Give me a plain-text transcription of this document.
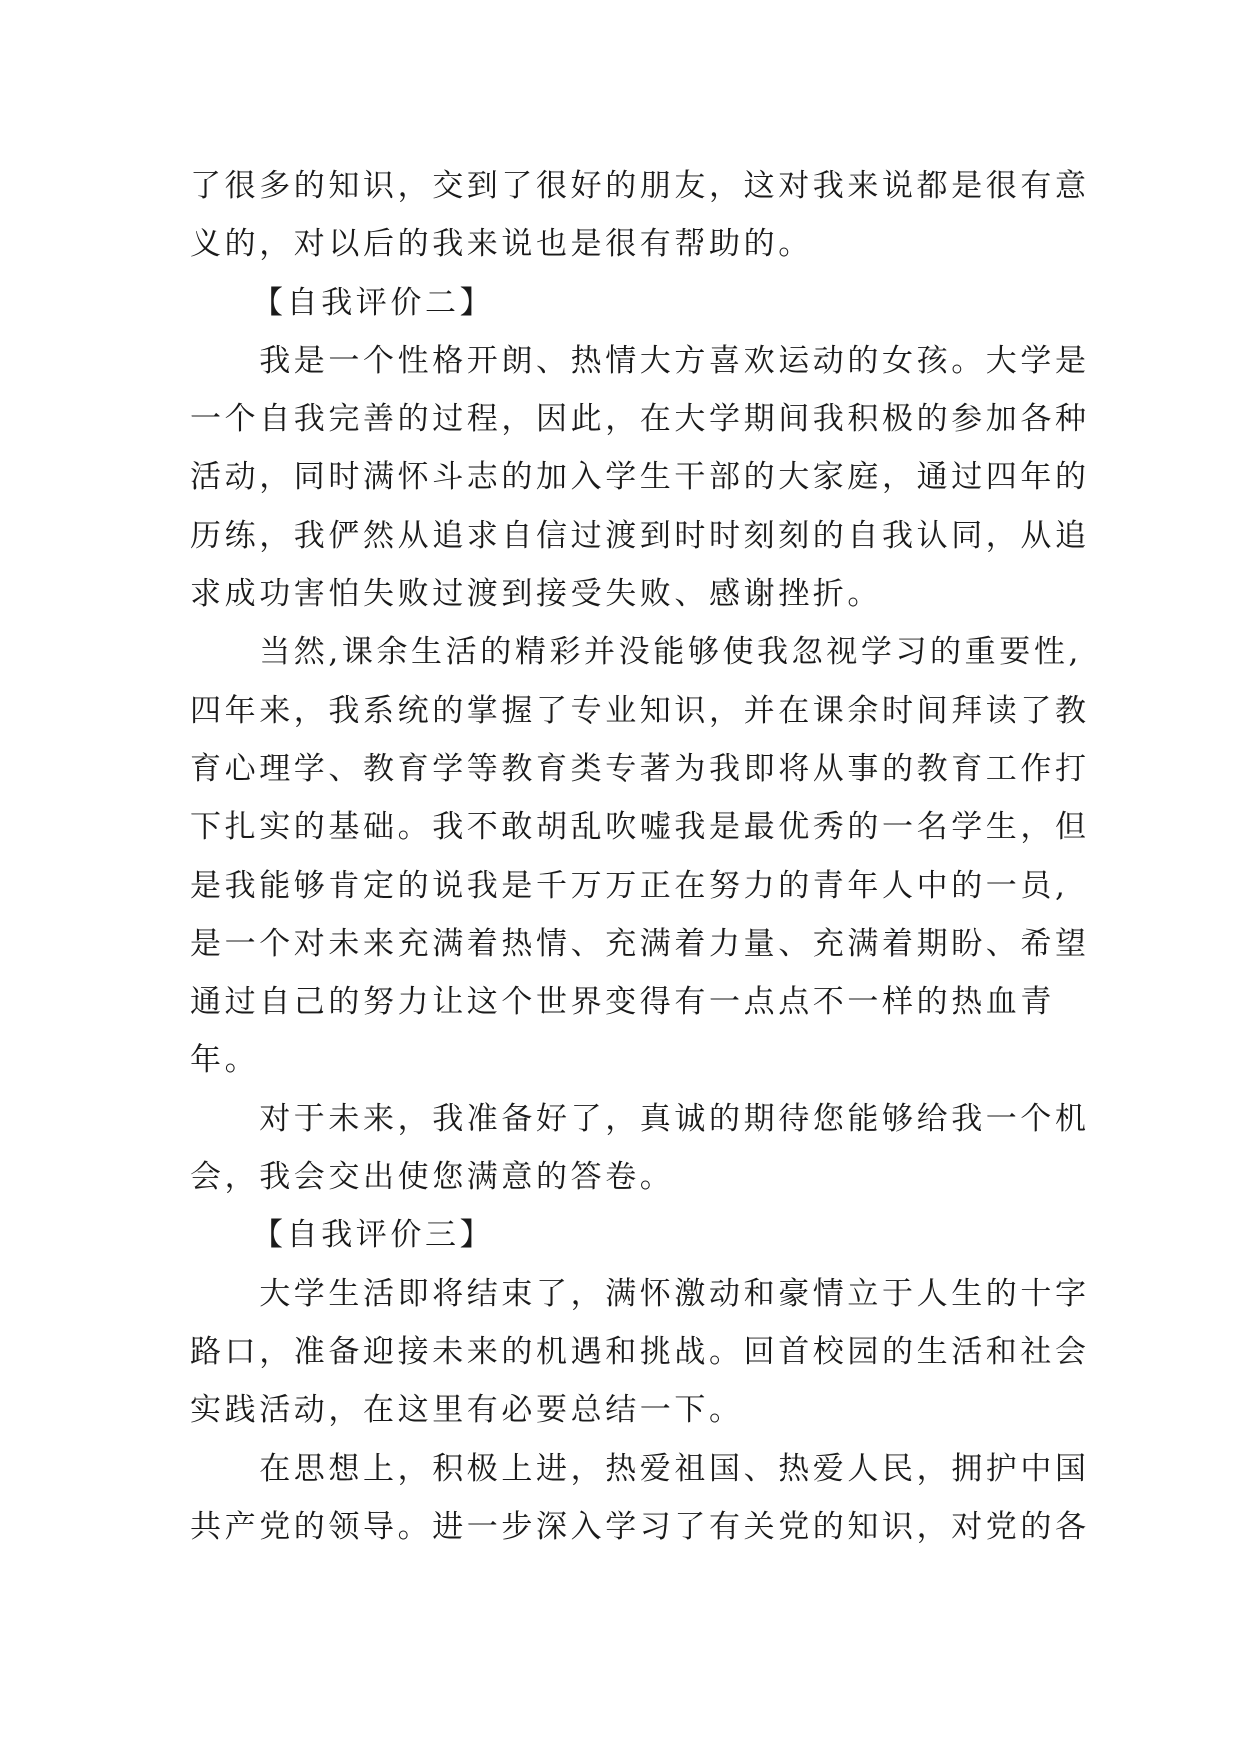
了很多的知识，交到了很好的朋友，这对我来说都是很有意
义的，对以后的我来说也是很有帮助的。

【自我评价二】

　　我是一个性格开朗、热情大方喜欢运动的女孩。大学是
一个自我完善的过程，因此，在大学期间我积极的参加各种
活动，同时满怀斗志的加入学生干部的大家庭，通过四年的
历练，我俨然从追求自信过渡到时时刻刻的自我认同，从追
求成功害怕失败过渡到接受失败、感谢挫折。

　　当然,课余生活的精彩并没能够使我忽视学习的重要性,
四年来，我系统的掌握了专业知识，并在课余时间拜读了教
育心理学、教育学等教育类专著为我即将从事的教育工作打
下扎实的基础。我不敢胡乱吹嘘我是最优秀的一名学生，但
是我能够肯定的说我是千万万正在努力的青年人中的一员,
是一个对未来充满着热情、充满着力量、充满着期盼、希望
通过自己的努力让这个世界变得有一点点不一样的热血青
年。

　　对于未来，我准备好了，真诚的期待您能够给我一个机
会，我会交出使您满意的答卷。

【自我评价三】

　　大学生活即将结束了，满怀激动和豪情立于人生的十字
路口，准备迎接未来的机遇和挑战。回首校园的生活和社会
实践活动，在这里有必要总结一下。

　　在思想上，积极上进，热爱祖国、热爱人民，拥护中国
共产党的领导。进一步深入学习了有关党的知识，对党的各
